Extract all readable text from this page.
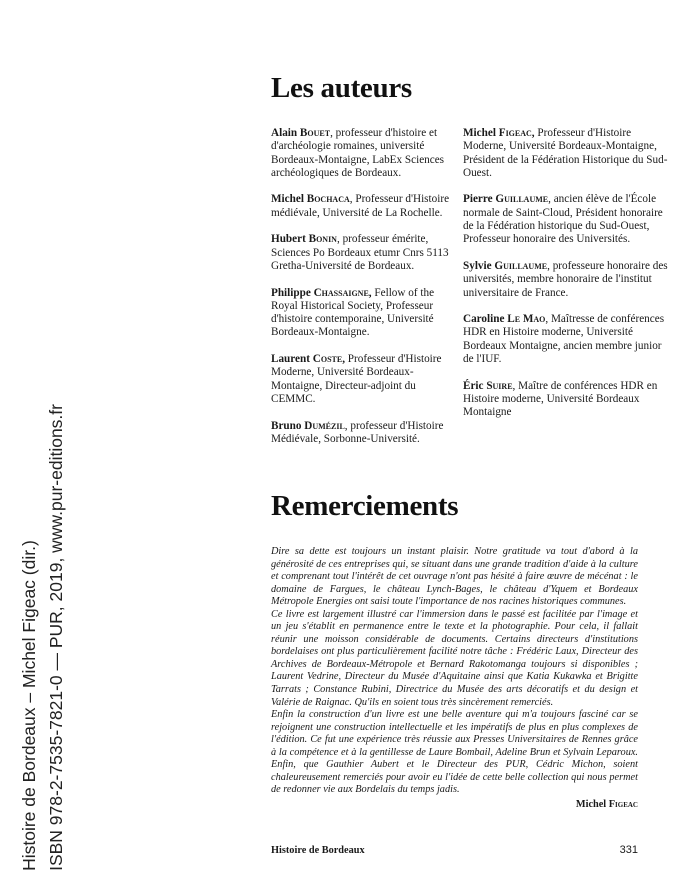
Histoire de Bordeaux – Michel Figeac (dir.) ISBN 978-2-7535-7821-0 — PUR, 2019, www.pur-editions.fr
Les auteurs

Alain Bouet, professeur d'histoire et d'archéologie romaines, université Bordeaux-Montaigne, LabEx Sciences archéologiques de Bordeaux.

Michel Bochaca, Professeur d'Histoire médiévale, Université de La Rochelle.

Hubert Bonin, professeur émérite, Sciences Po Bordeaux etumr Cnrs 5113 Gretha-Université de Bordeaux.

Philippe Chassaigne, Fellow of the Royal Historical Society, Professeur d'histoire contemporaine, Université Bordeaux-Montaigne.

Laurent Coste, Professeur d'Histoire Moderne, Université Bordeaux-Montaigne, Directeur-adjoint du CEMMC.

Bruno Dumézil, professeur d'Histoire Médiévale, Sorbonne-Université.

Michel Figeac, Professeur d'Histoire Moderne, Université Bordeaux-Montaigne, Président de la Fédération Historique du Sud-Ouest.

Pierre Guillaume, ancien élève de l'École normale de Saint-Cloud, Président honoraire de la Fédération historique du Sud-Ouest, Professeur honoraire des Universités.

Sylvie Guillaume, professeure honoraire des universités, membre honoraire de l'institut universitaire de France.

Caroline Le Mao, Maîtresse de conférences HDR en Histoire moderne, Université Bordeaux Montaigne, ancien membre junior de l'IUF.

Éric Suire, Maître de conférences HDR en Histoire moderne, Université Bordeaux Montaigne

Remerciements

Dire sa dette est toujours un instant plaisir. Notre gratitude va tout d'abord à la générosité de ces entreprises qui, se situant dans une grande tradition d'aide à la culture et comprenant tout l'intérêt de cet ouvrage n'ont pas hésité à faire œuvre de mécénat : le domaine de Fargues, le château Lynch-Bages, le château d'Yquem et Bordeaux Métropole Energies ont saisi toute l'importance de nos racines historiques communes.

Ce livre est largement illustré car l'immersion dans le passé est facilitée par l'image et un jeu s'établit en permanence entre le texte et la photographie. Pour cela, il fallait réunir une moisson considérable de documents. Certains directeurs d'institutions bordelaises ont plus particulièrement facilité notre tâche : Frédéric Laux, Directeur des Archives de Bordeaux-Métropole et Bernard Rakotomanga toujours si disponibles ; Laurent Vedrine, Directeur du Musée d'Aquitaine ainsi que Katia Kukawka et Brigitte Tarrats ; Constance Rubini, Directrice du Musée des arts décoratifs et du design et Valérie de Raignac. Qu'ils en soient tous très sincèrement remerciés.

Enfin la construction d'un livre est une belle aventure qui m'a toujours fasciné car se rejoignent une construction intellectuelle et les impératifs de plus en plus complexes de l'édition. Ce fut une expérience très réussie aux Presses Universitaires de Rennes grâce à la compétence et à la gentillesse de Laure Bombail, Adeline Brun et Sylvain Leparoux. Enfin, que Gauthier Aubert et le Directeur des PUR, Cédric Michon, soient chaleureusement remerciés pour avoir eu l'idée de cette belle collection qui nous permet de redonner vie aux Bordelais du temps jadis.

Michel Figeac
Histoire de Bordeaux	331
